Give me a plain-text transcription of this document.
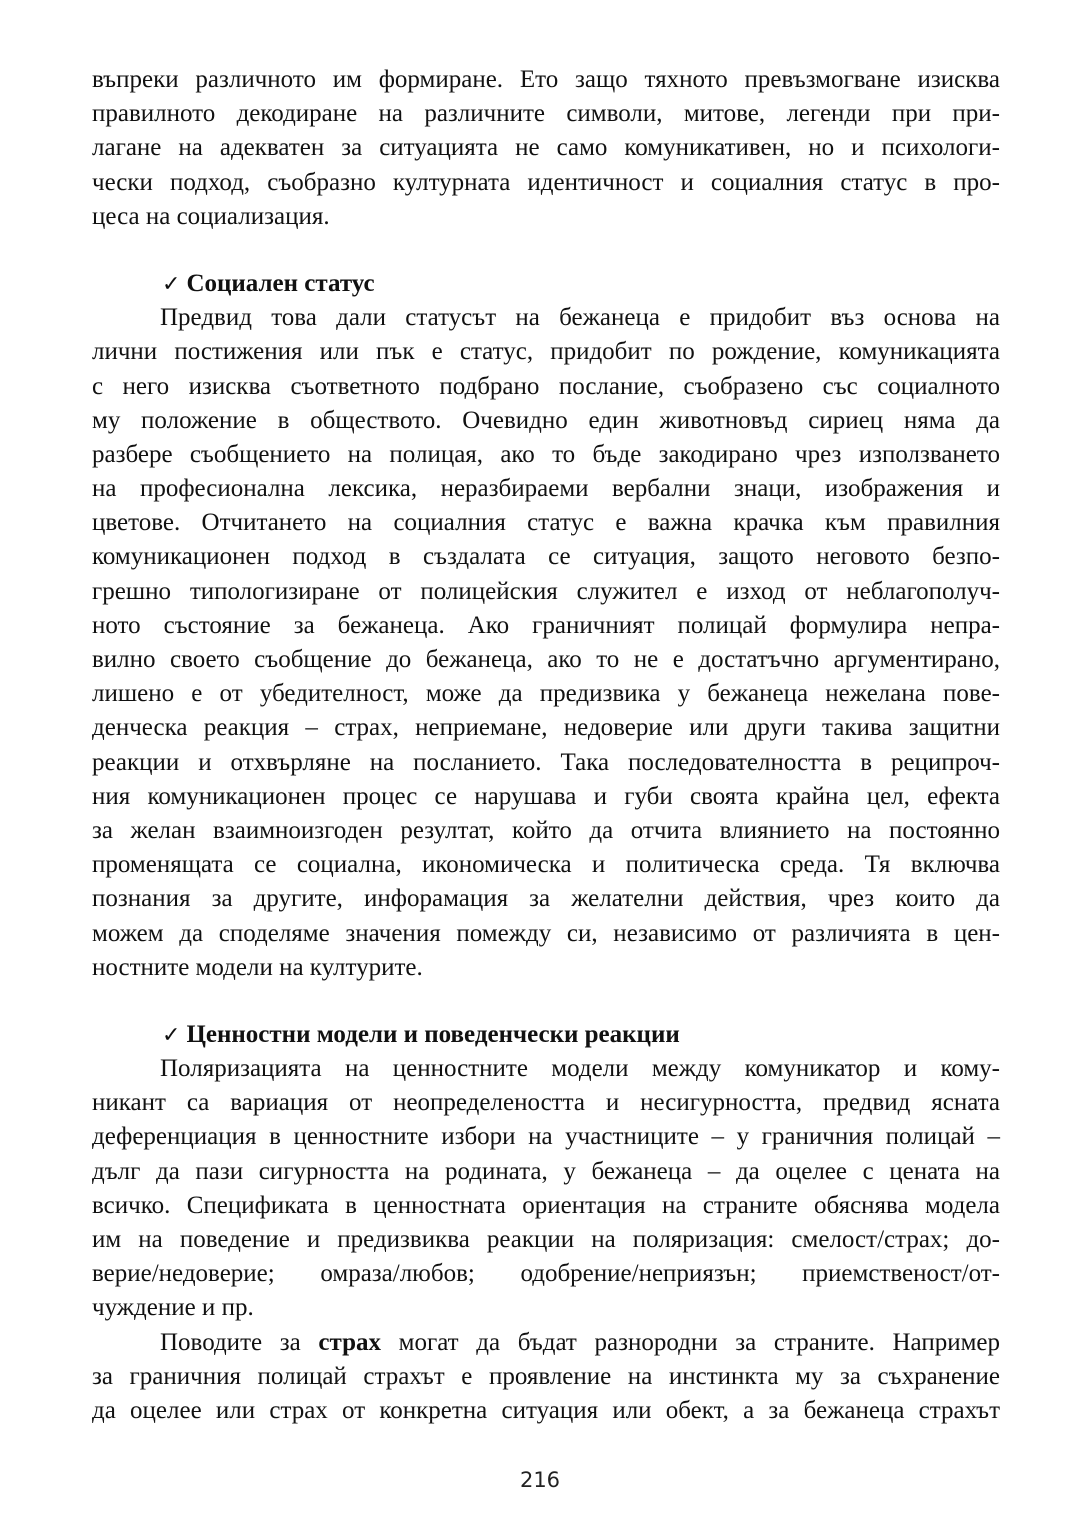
въпреки различното им формиране. Ето защо тяхното превъзмогване изисква
правилното декодиране на различните символи, митове, легенди при при-
лагане на адекватен за ситуацията не само комуникативен, но и психологи-
чески подход, съобразно културната идентичност и социалния статус в про-
цеса на социализация.
✓ Социален статус
Предвид това дали статусът на бежанеца е придобит въз основа на
лични постижения или пък е статус, придобит по рождение, комуникацията
с него изисква съответното подбрано послание, съобразено със социалното
му положение в обществото. Очевидно един животновъд сириец няма да
разбере съобщението на полицая, ако то бъде закодирано чрез използването
на професионална лексика, неразбираеми вербални знаци, изображения и
цветове. Отчитането на социалния статус е важна крачка към правилния
комуникационен подход в създалата се ситуация, защото неговото безпо-
грешно типологизиране от полицейския служител е изход от неблагополуч-
ното състояние за бежанеца. Ако граничният полицай формулира непра-
вилно своето съобщение до бежанеца, ако то не е достатъчно аргументирано,
лишено е от убедителност, може да предизвика у бежанеца нежелана пове-
денческа реакция – страх, неприемане, недоверие или други такива защитни
реакции и отхвърляне на посланието. Така последователността в реципроч-
ния комуникационен процес се нарушава и губи своята крайна цел, ефекта
за желан взаимноизгоден резултат, който да отчита влиянието на постоянно
променящата се социална, икономическа и политическа среда. Тя включва
познания за другите, инфорамация за желателни действия, чрез които да
можем да споделяме значения помежду си, независимо от различията в цен-
ностните модели на културите.
✓ Ценностни модели и поведенчески реакции
Поляризацията на ценностните модели между комуникатор и кому-
никант са вариация от неопределеността и несигурността, предвид ясната
деференциация в ценностните избори на участниците – у граничния полицай –
дълг да пази сигурността на родината, у бежанеца – да оцелее с цената на
всичко. Спецификата в ценностната ориентация на страните обяснява модела
им на поведение и предизвиква реакции на поляризация: смелост/страх; до-
верие/недоверие; омраза/любов; одобрение/неприязън; приемственост/от-
чуждение и пр.
Поводите за страх могат да бъдат разнородни за страните. Например
за граничния полицай страхът е проявление на инстинкта му за съхранение
да оцелее или страх от конкретна ситуация или обект, а за бежанеца страхът
216
